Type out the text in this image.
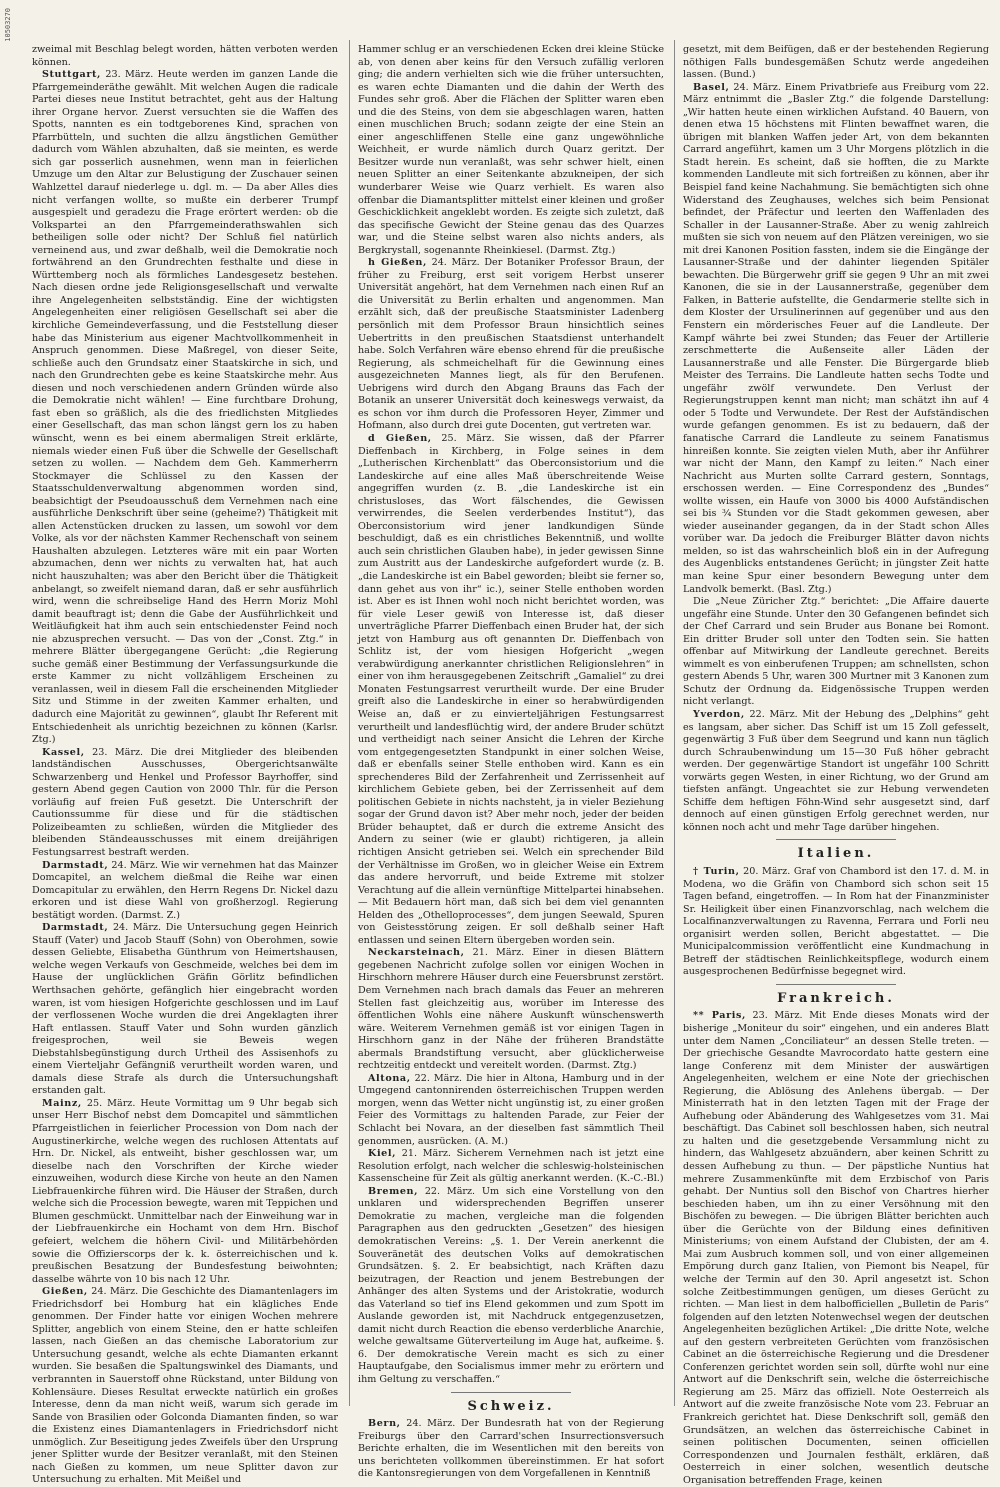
10503270

zweimal mit Beschlag belegt worden, hätten verboten werden können.

Stuttgart, 23. März. Heute werden im ganzen Lande die Pfarrgemeinderäthe gewählt. Mit welchen Augen die radicale Partei dieses neue Institut betrachtet, geht aus der Haltung ihrer Organe hervor. Zuerst versuchten sie die Waffen des Spotts, nannten es ein todtgeborenes Kind, sprachen von Pfarrbütteln, und suchten die allzu ängstlichen Gemüther dadurch vom Wählen abzuhalten, daß sie meinten, es werde sich gar posserlich ausnehmen, wenn man in feierlichen Umzuge um den Altar zur Belustigung der Zuschauer seinen Wahlzettel darauf niederlege u. dgl. m. — Da aber Alles dies nicht verfangen wollte, so mußte ein derberer Trumpf ausgespielt und geradezu die Frage erörtert werden: ob die Volkspartei an den Pfarrgemeinderathswahlen sich betheiligen solle oder nicht? Der Schluß fiel natürlich verneinend aus, und zwar deßhalb, weil die Demokratie noch fortwährend an den Grundrechten festhalte und diese in Württemberg noch als förmliches Landesgesetz bestehen. Nach diesen ordne jede Religionsgesellschaft und verwalte ihre Angelegenheiten selbstständig. Eine der wichtigsten Angelegenheiten einer religiösen Gesellschaft sei aber die kirchliche Gemeindeverfassung, und die Feststellung dieser habe das Ministerium aus eigener Machtvollkommenheit in Anspruch genommen. Diese Maßregel, von dieser Seite, schließe auch den Grundsatz einer Staatskirche in sich, und nach den Grundrechten gebe es keine Staatskirche mehr. Aus diesen und noch verschiedenen andern Gründen würde also die Demokratie nicht wählen! — Eine furchtbare Drohung, fast eben so gräßlich, als die des friedlichsten Mitgliedes einer Gesellschaft, das man schon längst gern los zu haben wünscht, wenn es bei einem abermaligen Streit erklärte, niemals wieder einen Fuß über die Schwelle der Gesellschaft setzen zu wollen. — Nachdem dem Geh. Kammerherrn Stockmayer die Schlüssel zu den Kassen der Staatsschuldenverwaltung abgenommen worden sind, beabsichtigt der Pseudoausschuß dem Vernehmen nach eine ausführliche Denkschrift über seine (geheime?) Thätigkeit mit allen Actenstücken drucken zu lassen, um sowohl vor dem Volke, als vor der nächsten Kammer Rechenschaft von seinem Haushalten abzulegen. Letzteres wäre mit ein paar Worten abzumachen, denn wer nichts zu verwalten hat, hat auch nicht hauszuhalten; was aber den Bericht über die Thätigkeit anbelangt, so zweifelt niemand daran, daß er sehr ausführlich wird, wenn die schreibselige Hand des Herrn Moriz Mohl damit beauftragt ist; denn die Gabe der Ausführlichkeit und Weitläufigkeit hat ihm auch sein entschiedenster Feind noch nie abzusprechen versucht. — Das von der „Const. Ztg.“ in mehrere Blätter übergegangene Gerücht: „die Regierung suche gemäß einer Bestimmung der Verfassungsurkunde die erste Kammer zu nicht vollzähligem Erscheinen zu veranlassen, weil in diesem Fall die erscheinenden Mitglieder Sitz und Stimme in der zweiten Kammer erhalten, und dadurch eine Majorität zu gewinnen“, glaubt Ihr Referent mit Entschiedenheit als unrichtig bezeichnen zu können (Karlsr. Ztg.)

Kassel, 23. März. Die drei Mitglieder des bleibenden landständischen Ausschusses, Obergerichtsanwälte Schwarzenberg und Henkel und Professor Bayrhoffer, sind gestern Abend gegen Caution von 2000 Thlr. für die Person vorläufig auf freien Fuß gesetzt. Die Unterschrift der Cautionssumme für diese und für die städtischen Polizeibeamten zu schließen, würden die Mitglieder des bleibenden Ständeausschusses mit einem dreijährigen Festungsarrest bestraft werden.

Darmstadt, 24. März. Wie wir vernehmen hat das Mainzer Domcapitel, an welchem dießmal die Reihe war einen Domcapitular zu erwählen, den Herrn Regens Dr. Nickel dazu erkoren und ist diese Wahl von großherzogl. Regierung bestätigt worden. (Darmst. Z.)

Darmstadt, 24. März. Die Untersuchung gegen Heinrich Stauff (Vater) und Jacob Stauff (Sohn) von Oberohmen, sowie dessen Geliebte, Elisabetha Günthrum von Heimertshausen, welche wegen Verkaufs von Geschmeide, welches bei dem im Hause der unglücklichen Gräfin Görlitz befindlichen Werthsachen gehörte, gefänglich hier eingebracht worden waren, ist vom hiesigen Hofgerichte geschlossen und im Lauf der verflossenen Woche wurden die drei Angeklagten ihrer Haft entlassen. Stauff Vater und Sohn wurden gänzlich freigesprochen, weil sie Beweis wegen Diebstahlsbegünstigung durch Urtheil des Assisenhofs zu einem Vierteljahr Gefängniß verurtheilt worden waren, und damals diese Strafe als durch die Untersuchungshaft erstanden galt.

Mainz, 25. März. Heute Vormittag um 9 Uhr begab sich unser Herr Bischof nebst dem Domcapitel und sämmtlichen Pfarrgeistlichen in feierlicher Procession von Dom nach der Augustinerkirche, welche wegen des ruchlosen Attentats auf Hrn. Dr. Nickel, als entweiht, bisher geschlossen war, um dieselbe nach den Vorschriften der Kirche wieder einzuweihen, wodurch diese Kirche von heute an den Namen Liebfrauenkirche führen wird. Die Häuser der Straßen, durch welche sich die Procession bewegte, waren mit Teppichen und Blumen geschmückt. Unmittelbar nach der Einweihung war in der Liebfrauenkirche ein Hochamt von dem Hrn. Bischof gefeiert, welchem die höhern Civil- und Militärbehörden sowie die Offizierscorps der k. k. österreichischen und k. preußischen Besatzung der Bundesfestung beiwohnten; dasselbe währte von 10 bis nach 12 Uhr.

Gießen, 24. März. Die Geschichte des Diamantenlagers im Friedrichsdorf bei Homburg hat ein klägliches Ende genommen. Der Finder hatte vor einigen Wochen mehrere Splitter, angeblich von einem Steine, den er hatte schleifen lassen, nach Gießen an das chemische Laboratorium zur Untersuchung gesandt, welche als echte Diamanten erkannt wurden. Sie besaßen die Spaltungswinkel des Diamants, und verbrannten in Sauerstoff ohne Rückstand, unter Bildung von Kohlensäure. Dieses Resultat erweckte natürlich ein großes Interesse, denn da man nicht weiß, warum sich gerade im Sande von Brasilien oder Golconda Diamanten finden, so war die Existenz eines Diamantenlagers in Friedrichsdorf nicht unmöglich. Zur Beseitigung jedes Zweifels über den Ursprung jener Splitter wurde der Besitzer veranlaßt, mit den Steinen nach Gießen zu kommen, um neue Splitter davon zur Untersuchung zu erhalten. Mit Meißel und

Hammer schlug er an verschiedenen Ecken drei kleine Stücke ab, von denen aber keins für den Versuch zufällig verloren ging; die andern verhielten sich wie die früher untersuchten, es waren echte Diamanten und die dahin der Werth des Fundes sehr groß. Aber die Flächen der Splitter waren eben und die des Steins, von dem sie abgeschlagen waren, hatten einen muschlichen Bruch; sodann zeigte der eine Stein an einer angeschliffenen Stelle eine ganz ungewöhnliche Weichheit, er wurde nämlich durch Quarz geritzt. Der Besitzer wurde nun veranlaßt, was sehr schwer hielt, einen neuen Splitter an einer Seitenkante abzukneipen, der sich wunderbarer Weise wie Quarz verhielt. Es waren also offenbar die Diamantsplitter mittelst einer kleinen und großer Geschicklichkeit angeklebt worden. Es zeigte sich zuletzt, daß das specifische Gewicht der Steine genau das des Quarzes war, und die Steine selbst waren also nichts anders, als Bergkrystall, sogenannte Rheinkiesel. (Darmst. Ztg.)

h Gießen, 24. März. Der Botaniker Professor Braun, der früher zu Freiburg, erst seit vorigem Herbst unserer Universität angehört, hat dem Vernehmen nach einen Ruf an die Universität zu Berlin erhalten und angenommen. Man erzählt sich, daß der preußische Staatsminister Ladenberg persönlich mit dem Professor Braun hinsichtlich seines Uebertritts in den preußischen Staatsdienst unterhandelt habe. Solch Verfahren wäre ebenso ehrend für die preußische Regierung, als schmeichelhaft für die Gewinnung eines ausgezeichneten Mannes liegt, als für den Berufenen. Uebrigens wird durch den Abgang Brauns das Fach der Botanik an unserer Universität doch keineswegs verwaist, da es schon vor ihm durch die Professoren Heyer, Zimmer und Hofmann, also durch drei gute Docenten, gut vertreten war.

d Gießen, 25. März. Sie wissen, daß der Pfarrer Dieffenbach in Kirchberg, in Folge seines in dem „Lutherischen Kirchenblatt“ das Oberconsistorium und die Landeskirche auf eine alles Maß überschreitende Weise angegriffen wurden (z. B. „die Landeskirche ist ein christusloses, das Wort fälschendes, die Gewissen verwirrendes, die Seelen verderbendes Institut“), das Oberconsistorium wird jener landkundigen Sünde beschuldigt, daß es ein christliches Bekenntniß, und wollte auch sein christlichen Glauben habe), in jeder gewissen Sinne zum Austritt aus der Landeskirche aufgefordert wurde (z. B. „die Landeskirche ist ein Babel geworden; bleibt sie ferner so, dann gehet aus von ihr“ ic.), seiner Stelle enthoben worden ist. Aber es ist Ihnen wohl noch nicht berichtet worden, was für viele Leser gewiß von Interesse ist, daß dieser unverträgliche Pfarrer Dieffenbach einen Bruder hat, der sich jetzt von Hamburg aus oft genannten Dr. Dieffenbach von Schlitz ist, der vom hiesigen Hofgericht „wegen verabwürdigung anerkannter christlichen Religionslehren“ in einer von ihm herausgegebenen Zeitschrift „Gamaliel“ zu drei Monaten Festungsarrest verurtheilt wurde. Der eine Bruder greift also die Landeskirche in einer so herabwürdigenden Weise an, daß er zu einvierteljährigen Festungsarrest verurtheilt und landesflüchtig wird, der andere Bruder schützt und vertheidigt nach seiner Ansicht die Lehren der Kirche vom entgegengesetzten Standpunkt in einer solchen Weise, daß er ebenfalls seiner Stelle enthoben wird. Kann es ein sprechenderes Bild der Zerfahrenheit und Zerrissenheit auf kirchlichem Gebiete geben, bei der Zerrissenheit auf dem politischen Gebiete in nichts nachsteht, ja in vieler Beziehung sogar der Grund davon ist? Aber mehr noch, jeder der beiden Brüder behauptet, daß er durch die extreme Ansicht des Andern zu seiner (wie er glaubt) richtigeren, ja allein richtigen Ansicht getrieben sei. Welch ein sprechender Bild der Verhältnisse im Großen, wo in gleicher Weise ein Extrem das andere hervorruft, und beide Extreme mit stolzer Verachtung auf die allein vernünftige Mittelpartei hinabsehen. — Mit Bedauern hört man, daß sich bei dem viel genannten Helden des „Othelloprocesses“, dem jungen Seewald, Spuren von Geistesstörung zeigen. Er soll deßhalb seiner Haft entlassen und seinen Eltern übergeben worden sein.

Neckarsteinach, 21. März. Einer in diesen Blättern gegebenen Nachricht zufolge sollen vor einigen Wochen in Hirschhorn mehrere Häuser durch eine Feuersbrunst zerstört. Dem Vernehmen nach brach damals das Feuer an mehreren Stellen fast gleichzeitig aus, worüber im Interesse des öffentlichen Wohls eine nähere Auskunft wünschenswerth wäre. Weiterem Vernehmen gemäß ist vor einigen Tagen in Hirschhorn ganz in der Nähe der früheren Brandstätte abermals Brandstiftung versucht, aber glücklicherweise rechtzeitig entdeckt und vereitelt worden. (Darmst. Ztg.)

Altona, 22. März. Die hier in Altona, Hamburg und in der Umgegend cantonnirenden österreichischen Truppen werden morgen, wenn das Wetter nicht ungünstig ist, zu einer großen Feier des Vormittags zu haltenden Parade, zur Feier der Schlacht bei Novara, an der dieselben fast sämmtlich Theil genommen, ausrücken. (A. M.)

Kiel, 21. März. Sicherem Vernehmen nach ist jetzt eine Resolution erfolgt, nach welcher die schleswig-holsteinischen Kassenscheine für Zeit als gültig anerkannt werden. (K.-C.-Bl.)

Bremen, 22. März. Um sich eine Vorstellung von den unklaren und widersprechenden Begriffen unserer Demokratie zu machen, vergleiche man die folgenden Paragraphen aus den gedruckten „Gesetzen“ des hiesigen demokratischen Vereins: „§. 1. Der Verein anerkennt die Souveränetät des deutschen Volks auf demokratischen Grundsätzen. §. 2. Er beabsichtigt, nach Kräften dazu beizutragen, der Reaction und jenem Bestrebungen der Anhänger des alten Systems und der Aristokratie, wodurch das Vaterland so tief ins Elend gekommen und zum Spott im Auslande geworden ist, mit Nachdruck entgegenzusetzen, damit nicht durch Reaction die ebenso verderbliche Anarchie, welche gewaltsame Güterverteilung im Auge hat, aufkeime. §. 6. Der demokratische Verein macht es sich zu einer Hauptaufgabe, den Socialismus immer mehr zu erörtern und ihm Geltung zu verschaffen.“

Schweiz.

Bern, 24. März. Der Bundesrath hat von der Regierung Freiburgs über den Carrard'schen Insurrectionsversuch Berichte erhalten, die im Wesentlichen mit den bereits von uns berichteten vollkommen übereinstimmen. Er hat sofort die Kantonsregierungen von dem Vorgefallenen in Kenntniß

gesetzt, mit dem Beifügen, daß er der bestehenden Regierung nöthigen Falls bundesgemäßen Schutz werde angedeihen lassen. (Bund.)

Basel, 24. März. Einem Privatbriefe aus Freiburg vom 22. März entnimmt die „Basler Ztg.“ die folgende Darstellung: „Wir hatten heute einen wirklichen Aufstand. 40 Bauern, von denen etwa 15 höchstens mit Flinten bewaffnet waren, die übrigen mit blanken Waffen jeder Art, von dem bekannten Carrard angeführt, kamen um 3 Uhr Morgens plötzlich in die Stadt herein. Es scheint, daß sie hofften, die zu Markte kommenden Landleute mit sich fortreißen zu können, aber ihr Beispiel fand keine Nachahmung. Sie bemächtigten sich ohne Widerstand des Zeughauses, welches sich beim Pensionat befindet, der Präfectur und leerten den Waffenladen des Schaller in der Lausanner-Straße. Aber zu wenig zahlreich mußten sie sich von neuem auf den Plätzen vereinigen, wo sie mit drei Kanonen Position fassten, indem sie die Eingänge der Lausanner-Straße und der dahinter liegenden Spitäler bewachten. Die Bürgerwehr griff sie gegen 9 Uhr an mit zwei Kanonen, die sie in der Lausannerstraße, gegenüber dem Falken, in Batterie aufstellte, die Gendarmerie stellte sich in dem Kloster der Ursulinerinnen auf gegenüber und aus den Fenstern ein mörderisches Feuer auf die Landleute. Der Kampf währte bei zwei Stunden; das Feuer der Artillerie zerschmetterte die Außenseite aller Läden der Lausannerstraße und alle Fenster. Die Bürgergarde blieb Meister des Terrains. Die Landleute hatten sechs Todte und ungefähr zwölf verwundete. Den Verlust der Regierungstruppen kennt man nicht; man schätzt ihn auf 4 oder 5 Todte und Verwundete. Der Rest der Aufständischen wurde gefangen genommen. Es ist zu bedauern, daß der fanatische Carrard die Landleute zu seinem Fanatismus hinreißen konnte. Sie zeigten vielen Muth, aber ihr Anführer war nicht der Mann, den Kampf zu leiten.“ Nach einer Nachricht aus Murten sollte Carrard gestern, Sonntags, erschossen werden. — Eine Correspondenz des „Bundes“ wollte wissen, ein Haufe von 3000 bis 4000 Aufständischen sei bis ¾ Stunden vor die Stadt gekommen gewesen, aber wieder auseinander gegangen, da in der Stadt schon Alles vorüber war. Da jedoch die Freiburger Blätter davon nichts melden, so ist das wahrscheinlich bloß ein in der Aufregung des Augenblicks entstandenes Gerücht; in jüngster Zeit hatte man keine Spur einer besondern Bewegung unter dem Landvolk bemerkt. (Basl. Ztg.)

Die „Neue Züricher Ztg.“ berichtet: „Die Affaire dauerte ungefähr eine Stunde. Unter den 30 Gefangenen befindet sich der Chef Carrard und sein Bruder aus Bonane bei Romont. Ein dritter Bruder soll unter den Todten sein. Sie hatten offenbar auf Mitwirkung der Landleute gerechnet. Bereits wimmelt es von einberufenen Truppen; am schnellsten, schon gestern Abends 5 Uhr, waren 300 Murtner mit 3 Kanonen zum Schutz der Ordnung da. Eidgenössische Truppen werden nicht verlangt.

Yverdon, 22. März. Mit der Hebung des „Delphins“ geht es langsam, aber sicher. Das Schiff ist um 15 Zoll gefesselt, gegenwärtig 3 Fuß über dem Seegrund und kann nun täglich durch Schraubenwindung um 15—30 Fuß höher gebracht werden. Der gegenwärtige Standort ist ungefähr 100 Schritt vorwärts gegen Westen, in einer Richtung, wo der Grund am tiefsten anfängt. Ungeachtet sie zur Hebung verwendeten Schiffe dem heftigen Föhn-Wind sehr ausgesetzt sind, darf dennoch auf einen günstigen Erfolg gerechnet werden, nur können noch acht und mehr Tage darüber hingehen.

Italien.

† Turin, 20. März. Graf von Chambord ist den 17. d. M. in Modena, wo die Gräfin von Chambord sich schon seit 15 Tagen befand, eingetroffen. — In Rom hat der Finanzminister Sr. Heiligkeit über einen Finanzvorschlag, nach welchem die Localfinanzverwaltungen zu Ravenna, Ferrara und Forli neu organisirt werden sollen, Bericht abgestattet. — Die Municipalcommission veröffentlicht eine Kundmachung in Betreff der städtischen Reinlichkeitspflege, wodurch einem ausgesprochenen Bedürfnisse begegnet wird.

Frankreich.

** Paris, 23. März. Mit Ende dieses Monats wird der bisherige „Moniteur du soir“ eingehen, und ein anderes Blatt unter dem Namen „Conciliateur“ an dessen Stelle treten. — Der griechische Gesandte Mavrocordato hatte gestern eine lange Conferenz mit dem Minister der auswärtigen Angelegenheiten, welchem er eine Note der griechischen Regierung, die Ablösung des Anlehens übergab. — Der Ministerrath hat in den letzten Tagen mit der Frage der Aufhebung oder Abänderung des Wahlgesetzes vom 31. Mai beschäftigt. Das Cabinet soll beschlossen haben, sich neutral zu halten und die gesetzgebende Versammlung nicht zu hindern, das Wahlgesetz abzuändern, aber keinen Schritt zu dessen Aufhebung zu thun. — Der päpstliche Nuntius hat mehrere Zusammenkünfte mit dem Erzbischof von Paris gehabt. Der Nuntius soll den Bischof von Chartres hierher beschieden haben, um ihn zu einer Versöhnung mit den Bischöfen zu bewegen. — Die übrigen Blätter berichten auch über die Gerüchte von der Bildung eines definitiven Ministeriums; von einem Aufstand der Clubisten, der am 4. Mai zum Ausbruch kommen soll, und von einer allgemeinen Empörung durch ganz Italien, von Piemont bis Neapel, für welche der Termin auf den 30. April angesetzt ist. Schon solche Zeitbestimmungen genügen, um dieses Gerücht zu richten. — Man liest in dem halbofficiellen „Bulletin de Paris“ folgenden auf den letzten Notenwechsel wegen der deutschen Angelegenheiten bezüglichen Artikel: „Die dritte Note, welche auf den gestern verbreiteten Gerüchten vom französischen Cabinet an die österreichische Regierung und die Dresdener Conferenzen gerichtet worden sein soll, dürfte wohl nur eine Antwort auf die Denkschrift sein, welche die österreichische Regierung am 25. März das offiziell. Note Oesterreich als Antwort auf die zweite französische Note vom 23. Februar an Frankreich gerichtet hat. Diese Denkschrift soll, gemäß den Grundsätzen, an welchen das österreichische Cabinet in seinen politischen Documenten, seinen officiellen Correspondenzen und Journalen festhält, erklären, daß Oesterreich in einer solchen, wesentlich deutsche Organisation betreffenden Frage, keinen
